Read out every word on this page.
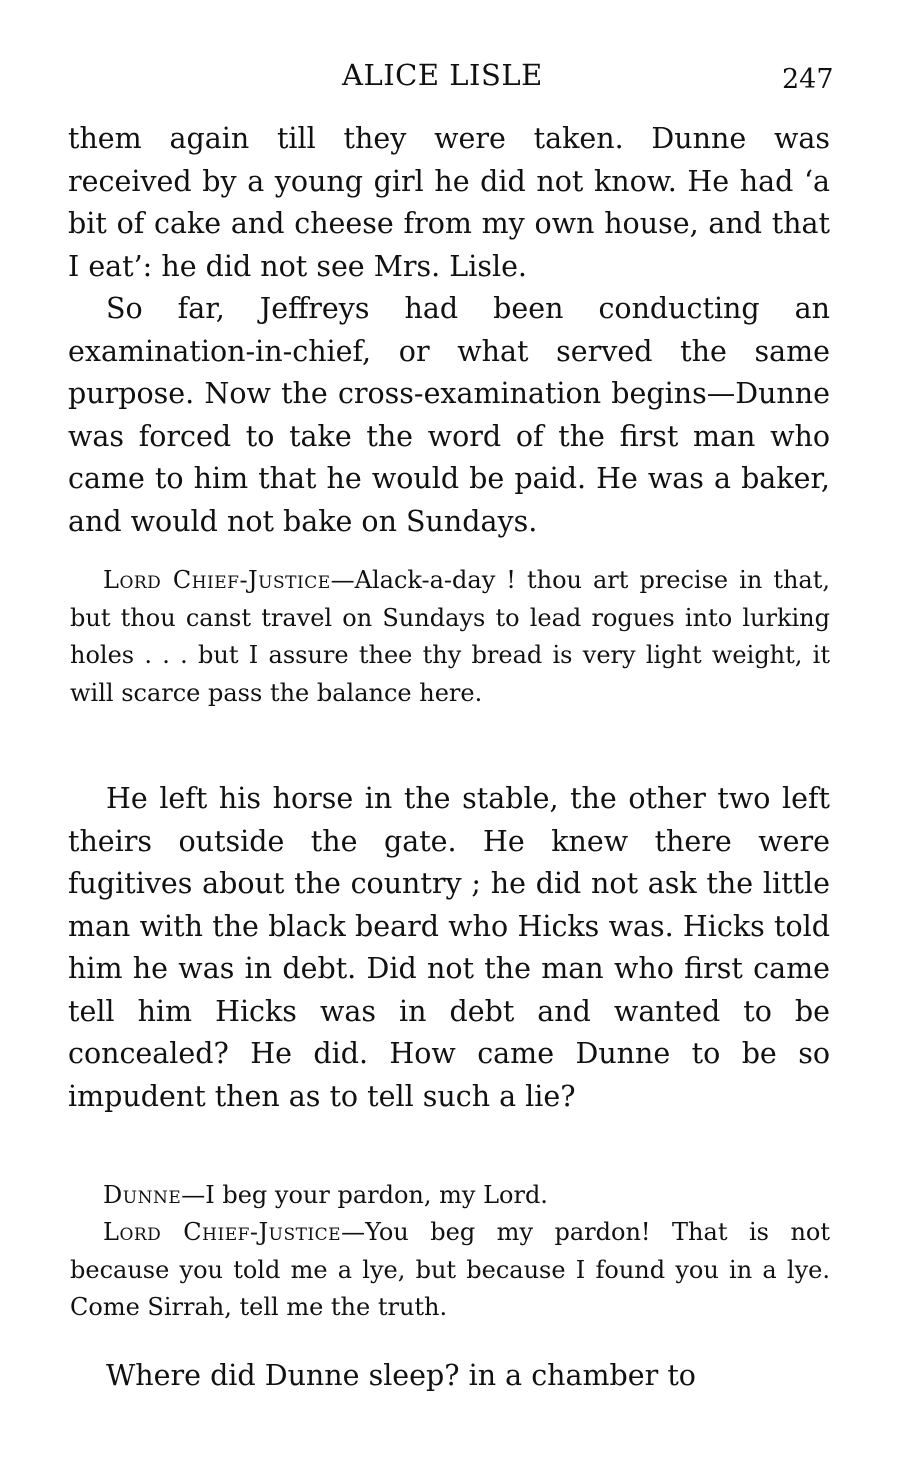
ALICE LISLE	247

them again till they were taken. Dunne was received by a young girl he did not know. He had ‘a bit of cake and cheese from my own house, and that I eat’: he did not see Mrs. Lisle.

So far, Jeffreys had been conducting an examination-in-chief, or what served the same purpose. Now the cross-examination begins—Dunne was forced to take the word of the first man who came to him that he would be paid. He was a baker, and would not bake on Sundays.

Lord Chief-Justice—Alack-a-day ! thou art precise in that, but thou canst travel on Sundays to lead rogues into lurking holes . . . but I assure thee thy bread is very light weight, it will scarce pass the balance here.

He left his horse in the stable, the other two left theirs outside the gate. He knew there were fugitives about the country ; he did not ask the little man with the black beard who Hicks was. Hicks told him he was in debt. Did not the man who first came tell him Hicks was in debt and wanted to be concealed? He did. How came Dunne to be so impudent then as to tell such a lie?

Dunne—I beg your pardon, my Lord.

Lord Chief-Justice—You beg my pardon! That is not because you told me a lye, but because I found you in a lye. Come Sirrah, tell me the truth.

Where did Dunne sleep? in a chamber to
